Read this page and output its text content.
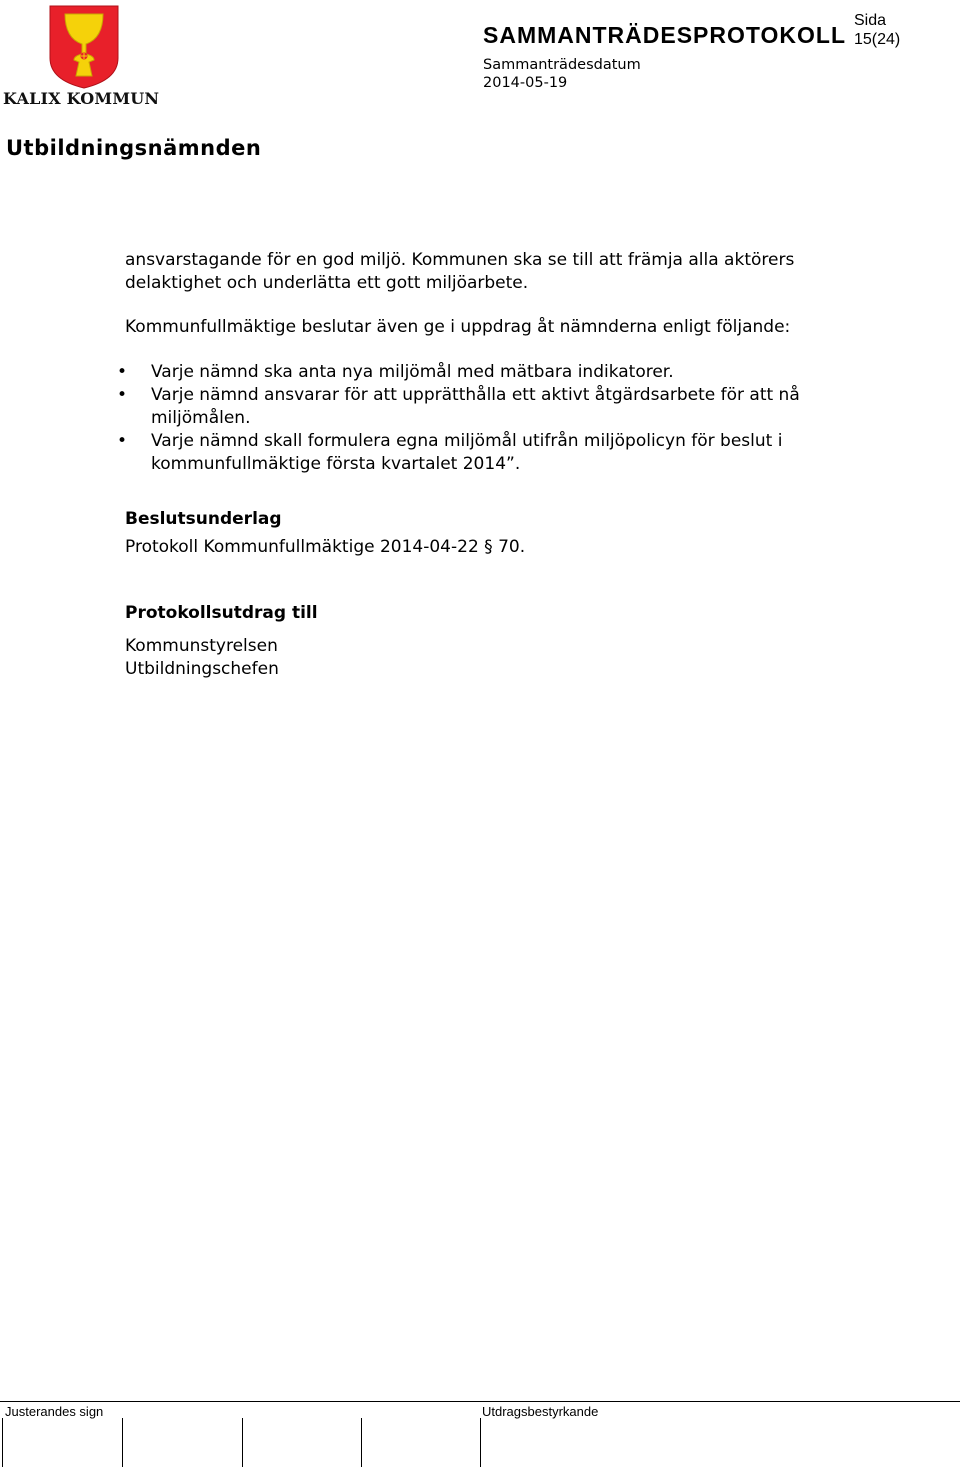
KALIX KOMMUN
SAMMANTRÄDESPROTOKOLL
Sida
15(24)
Sammanträdesdatum
2014-05-19
Utbildningsnämnden
ansvarstagande för en god miljö. Kommunen ska se till att främja alla aktörers delaktighet och underlätta ett gott miljöarbete.
Kommunfullmäktige beslutar även ge i uppdrag åt nämnderna enligt följande:
• Varje nämnd ska anta nya miljömål med mätbara indikatorer.
• Varje nämnd ansvarar för att upprätthålla ett aktivt åtgärdsarbete för att nå miljömålen.
• Varje nämnd skall formulera egna miljömål utifrån miljöpolicyn för beslut i kommunfullmäktige första kvartalet 2014”.
Beslutsunderlag
Protokoll Kommunfullmäktige 2014-04-22 § 70.
Protokollsutdrag till
Kommunstyrelsen
Utbildningschefen
Justerandes sign	Utdragsbestyrkande
